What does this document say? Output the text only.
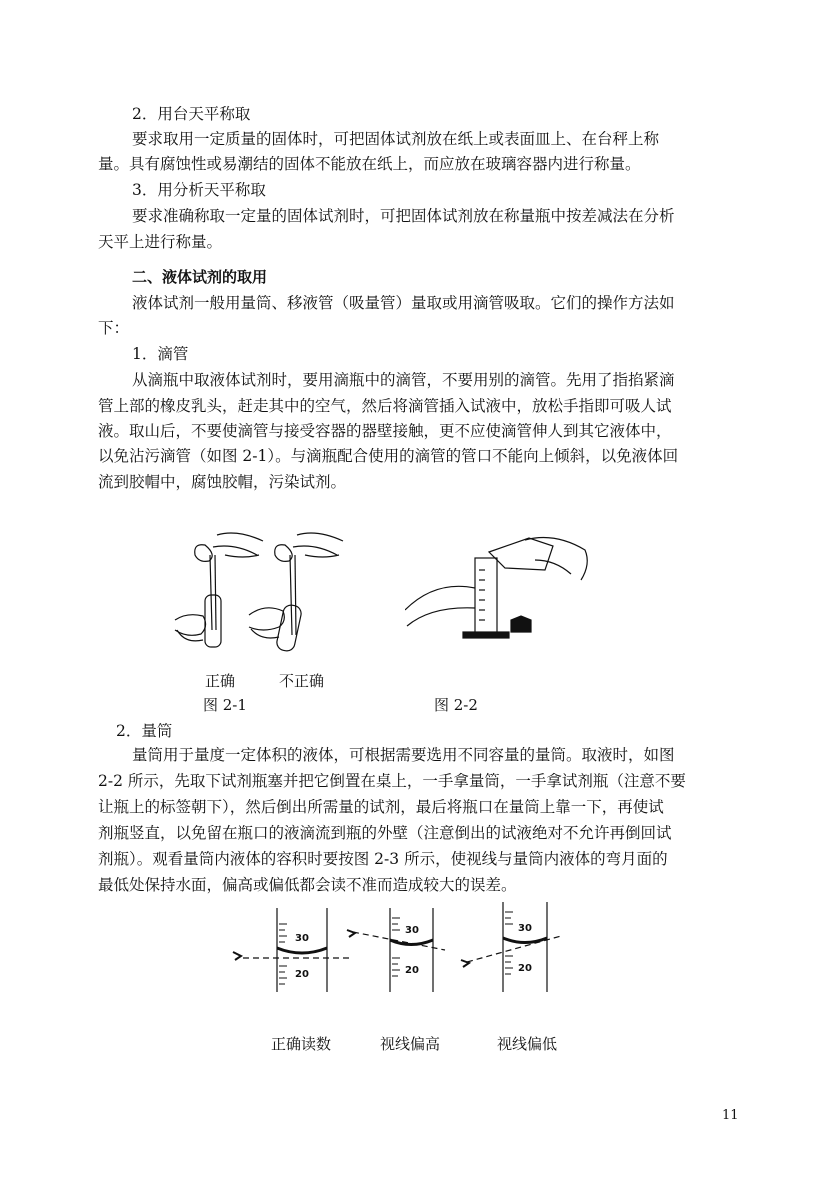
2．用台天平称取
要求取用一定质量的固体时，可把固体试剂放在纸上或表面皿上、在台秤上称
量。具有腐蚀性或易潮结的固体不能放在纸上，而应放在玻璃容器内进行称量。
3．用分析天平称取
要求准确称取一定量的固体试剂时，可把固体试剂放在称量瓶中按差减法在分析
天平上进行称量。
二、液体试剂的取用
液体试剂一般用量筒、移液管（吸量管）量取或用滴管吸取。它们的操作方法如
下：
1．滴管
从滴瓶中取液体试剂时，要用滴瓶中的滴管，不要用别的滴管。先用了指掐紧滴
管上部的橡皮乳头，赶走其中的空气，然后将滴管插入试液中，放松手指即可吸人试
液。取山后，不要使滴管与接受容器的器壁接触，更不应使滴管伸人到其它液体中，
以免沾污滴管（如图 2-1）。与滴瓶配合使用的滴管的管口不能向上倾斜，以免液体回
流到胶帽中，腐蚀胶帽，污染试剂。
正确	不正确
图 2-1	图 2-2
2．量筒
量筒用于量度一定体积的液体，可根据需要选用不同容量的量筒。取液时，如图
2-2 所示，先取下试剂瓶塞并把它倒置在桌上，一手拿量筒，一手拿试剂瓶（注意不要
让瓶上的标签朝下），然后倒出所需量的试剂，最后将瓶口在量筒上靠一下，再使试
剂瓶竖直，以免留在瓶口的液滴流到瓶的外壁（注意倒出的试液绝对不允许再倒回试
剂瓶）。观看量筒内液体的容积时要按图 2-3 所示，使视线与量筒内液体的弯月面的
最低处保持水面，偏高或偏低都会读不准而造成较大的误差。
30
20
30
20
30
20
正确读数	视线偏高	视线偏低
11
